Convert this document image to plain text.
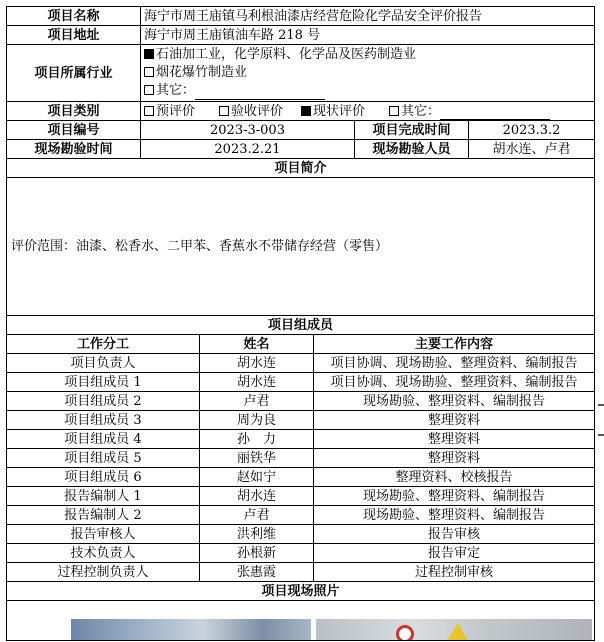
项目名称	海宁市周王庙镇马利根油漆店经营危险化学品安全评价报告				
项目地址	海宁市周王庙镇油车路 218 号				
项目所属行业	石油加工业，化学原料、化学品及医药制造业
烟花爆竹制造业
其它：				

项目类别	预评价 验收评价 现状评价 其它：				
项目编号	2023-3-003			项目完成时间	2023.3.2
现场勘验时间	2023.2.21			现场勘验人员	胡水连、卢君
项目简介					
评价范围：油漆、松香水、二甲苯、香蕉水不带储存经营（零售）					
项目组成员					
工作分工		姓名	主要工作内容		
项目负责人		胡水连	项目协调、现场勘验、整理资料、编制报告		
项目组成员 1		胡水连	项目协调、现场勘验、整理资料、编制报告		
项目组成员 2		卢君	现场勘验、整理资料、编制报告		
项目组成员 3		周为良	整理资料		
项目组成员 4		孙　力	整理资料		
项目组成员 5		丽铁华	整理资料		
项目组成员 6		赵如宁	整理资料、校核报告		
报告编制人 1		胡水连	现场勘验、整理资料、编制报告		
报告编制人 2		卢君	现场勘验、整理资料、编制报告		
报告审核人		洪利维	报告审核		
技术负责人		孙根新	报告审定		
过程控制负责人		张惠霞	过程控制审核		
项目现场照片					
